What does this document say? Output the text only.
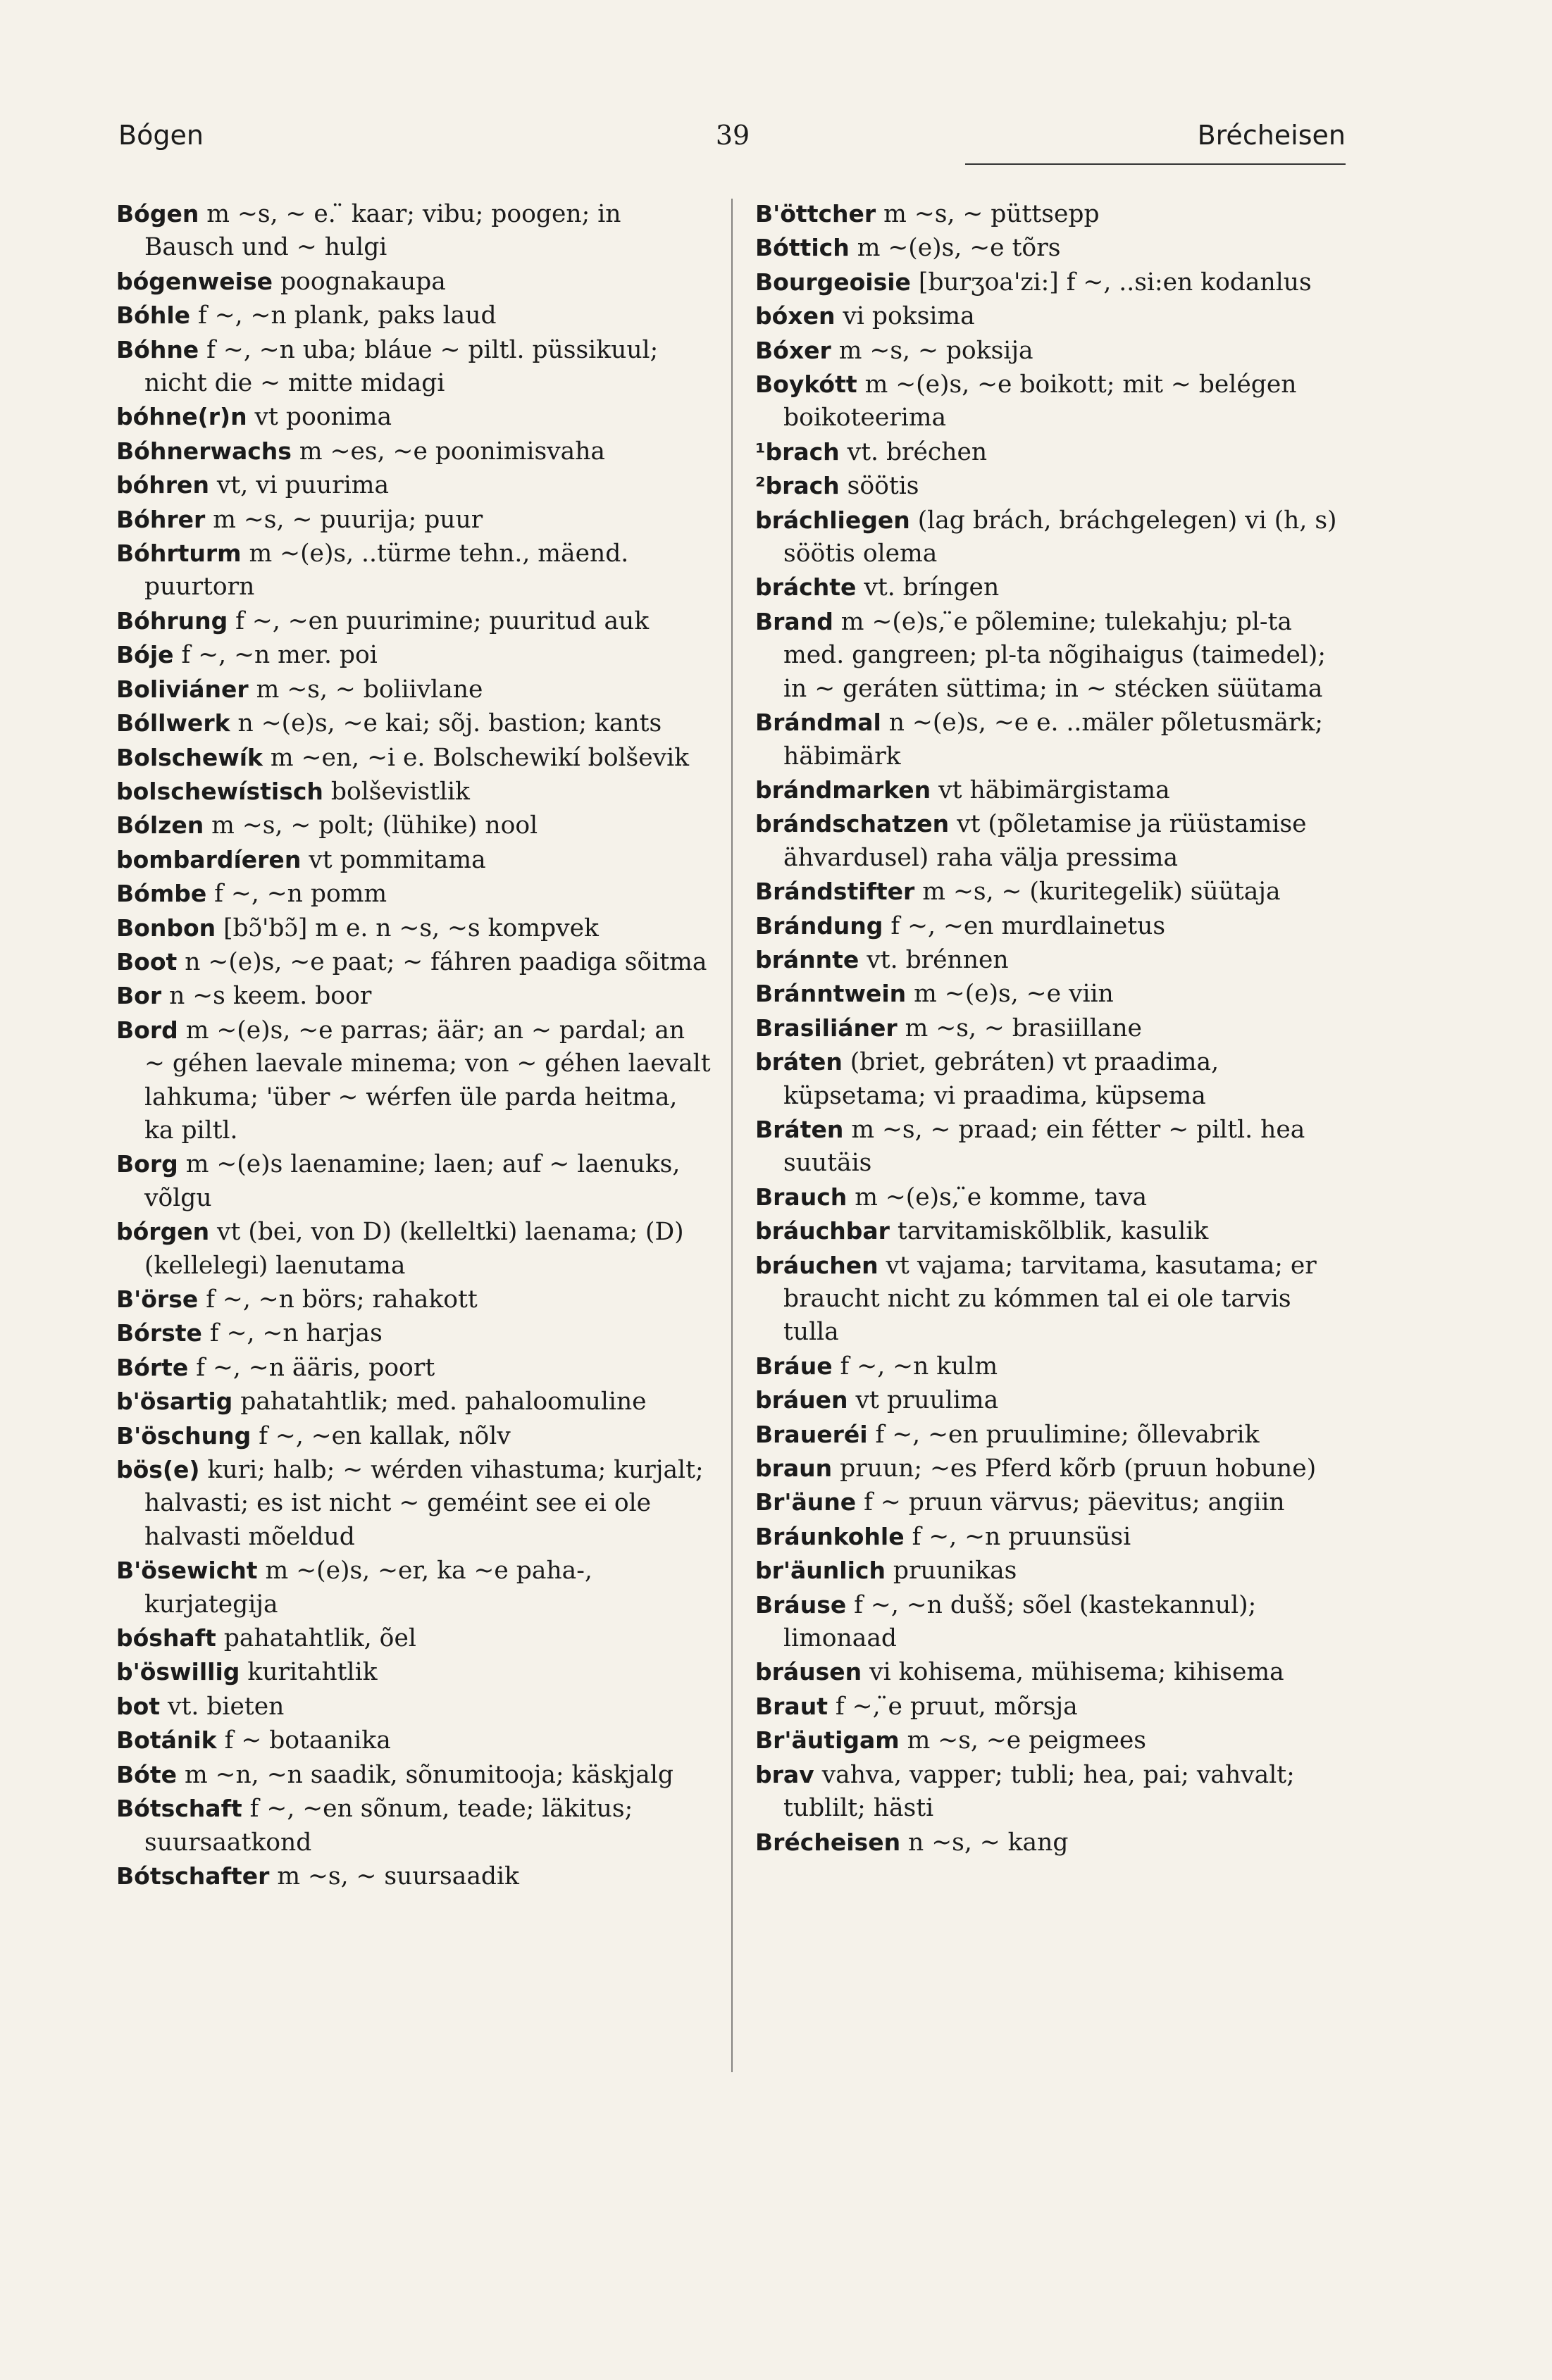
Bógen	39	Brécheisen
Bógen m ~s, ~ e. ̈ kaar; vibu; poogen; in Bausch und ~ hulgi
bógenweise poognakaupa
Bóhle f ~, ~n plank, paks laud
Bóhne f ~, ~n uba; bláue ~ piltl. püssikuul; nicht die ~ mitte midagi
bóhne(r)n vt poonima
Bóhnerwachs m ~es, ~e poonimisvaha
bóhren vt, vi puurima
Bóhrer m ~s, ~ puurija; puur
Bóhrturm m ~(e)s, ..türme tehn., mäend. puurtorn
Bóhrung f ~, ~en puurimine; puuritud auk
Bóje f ~, ~n mer. poi
Boliviáner m ~s, ~ boliivlane
Bóllwerk n ~(e)s, ~e kai; sõj. bastion; kants
Bolschewík m ~en, ~i e. Bolschewikí bolševik
bolschewístisch bolševistlik
Bólzen m ~s, ~ polt; (lühike) nool
bombardíeren vt pommitama
Bómbe f ~, ~n pomm
Bonbon [bɔ̃'bɔ̃] m e. n ~s, ~s kompvek
Boot n ~(e)s, ~e paat; ~ fáhren paadiga sõitma
Bor n ~s keem. boor
Bord m ~(e)s, ~e parras; äär; an ~ pardal; an ~ géhen laevale minema; von ~ géhen laevalt lahkuma; 'über ~ wérfen üle parda heitma, ka piltl.
Borg m ~(e)s laenamine; laen; auf ~ laenuks, võlgu
bórgen vt (bei, von D) (kelleltki) laenama; (D) (kellelegi) laenutama
B'örse f ~, ~n börs; rahakott
Bórste f ~, ~n harjas
Bórte f ~, ~n ääris, poort
b'ösartig pahatahtlik; med. pahaloomuline
B'öschung f ~, ~en kallak, nõlv
bös(e) kuri; halb; ~ wérden vihastuma; kurjalt; halvasti; es ist nicht ~ geméint see ei ole halvasti mõeldud
B'ösewicht m ~(e)s, ~er, ka ~e paha-, kurjategija
bóshaft pahatahtlik, õel
b'öswillig kuritahtlik
bot vt. bieten
Botánik f ~ botaanika
Bóte m ~n, ~n saadik, sõnumitooja; käskjalg
Bótschaft f ~, ~en sõnum, teade; läkitus; suursaatkond
Bótschafter m ~s, ~ suursaadik
B'öttcher m ~s, ~ püttsepp
Bóttich m ~(e)s, ~e tõrs
Bourgeoisie [burʒoa'zi:] f ~, ..si:en kodanlus
bóxen vi poksima
Bóxer m ~s, ~ poksija
Boykótt m ~(e)s, ~e boikott; mit ~ belégen boikoteerima
¹brach vt. bréchen
²brach söötis
bráchliegen (lag brách, bráchgelegen) vi (h, s) söötis olema
bráchte vt. bríngen
Brand m ~(e)s, ̈e põlemine; tulekahju; pl-ta med. gangreen; pl-ta nõgihaigus (taimedel); in ~ geráten süttima; in ~ stécken süütama
Brándmal n ~(e)s, ~e e. ..mäler põletusmärk; häbimärk
brándmarken vt häbimärgistama
brándschatzen vt (põletamise ja rüüstamise ähvardusel) raha välja pressima
Brándstifter m ~s, ~ (kuritegelik) süütaja
Brándung f ~, ~en murdlainetus
bránnte vt. brénnen
Bránntwein m ~(e)s, ~e viin
Brasiliáner m ~s, ~ brasiillane
bráten (briet, gebráten) vt praadima, küpsetama; vi praadima, küpsema
Bráten m ~s, ~ praad; ein fétter ~ piltl. hea suutäis
Brauch m ~(e)s, ̈e komme, tava
bráuchbar tarvitamiskõlblik, kasulik
bráuchen vt vajama; tarvitama, kasutama; er braucht nicht zu kómmen tal ei ole tarvis tulla
Bráue f ~, ~n kulm
bráuen vt pruulima
Braueréi f ~, ~en pruulimine; õllevabrik
braun pruun; ~es Pferd kõrb (pruun hobune)
Br'äune f ~ pruun värvus; päevitus; angiin
Bráunkohle f ~, ~n pruunsüsi
br'äunlich pruunikas
Bráuse f ~, ~n dušš; sõel (kastekannul); limonaad
bráusen vi kohisema, mühisema; kihisema
Braut f ~, ̈e pruut, mõrsja
Br'äutigam m ~s, ~e peigmees
brav vahva, vapper; tubli; hea, pai; vahvalt; tublilt; hästi
Brécheisen n ~s, ~ kang
